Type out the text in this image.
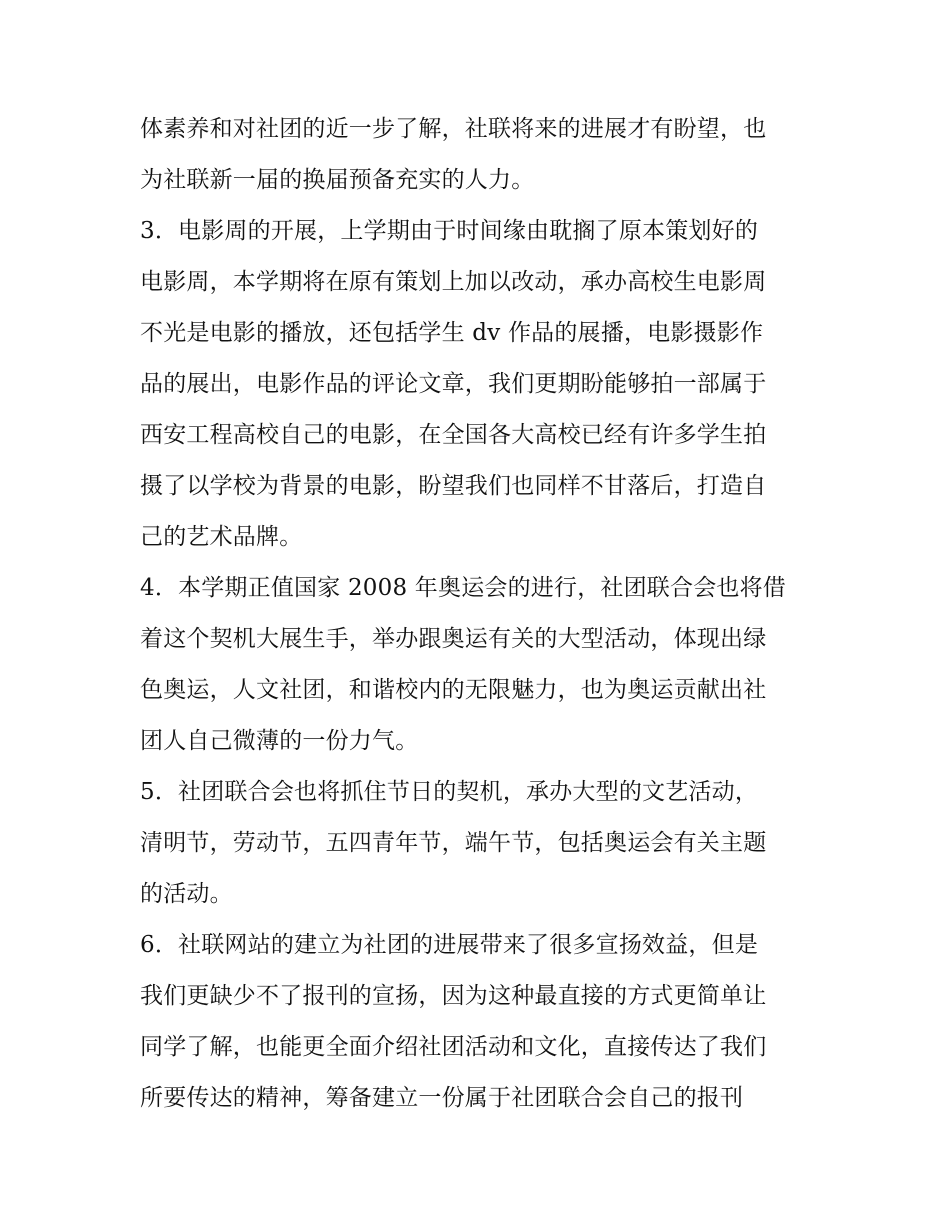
体素养和对社团的近一步了解，社联将来的进展才有盼望，也
为社联新一届的换届预备充实的人力。
3．电影周的开展，上学期由于时间缘由耽搁了原本策划好的
电影周，本学期将在原有策划上加以改动，承办高校生电影周
不光是电影的播放，还包括学生 dv 作品的展播，电影摄影作
品的展出，电影作品的评论文章，我们更期盼能够拍一部属于
西安工程高校自己的电影，在全国各大高校已经有许多学生拍
摄了以学校为背景的电影，盼望我们也同样不甘落后，打造自
己的艺术品牌。
4．本学期正值国家 2008 年奥运会的进行，社团联合会也将借
着这个契机大展生手，举办跟奥运有关的大型活动，体现出绿
色奥运，人文社团，和谐校内的无限魅力，也为奥运贡献出社
团人自己微薄的一份力气。
5．社团联合会也将抓住节日的契机，承办大型的文艺活动，
清明节，劳动节，五四青年节，端午节，包括奥运会有关主题
的活动。
6．社联网站的建立为社团的进展带来了很多宣扬效益，但是
我们更缺少不了报刊的宣扬，因为这种最直接的方式更简单让
同学了解，也能更全面介绍社团活动和文化，直接传达了我们
所要传达的精神，筹备建立一份属于社团联合会自己的报刊
